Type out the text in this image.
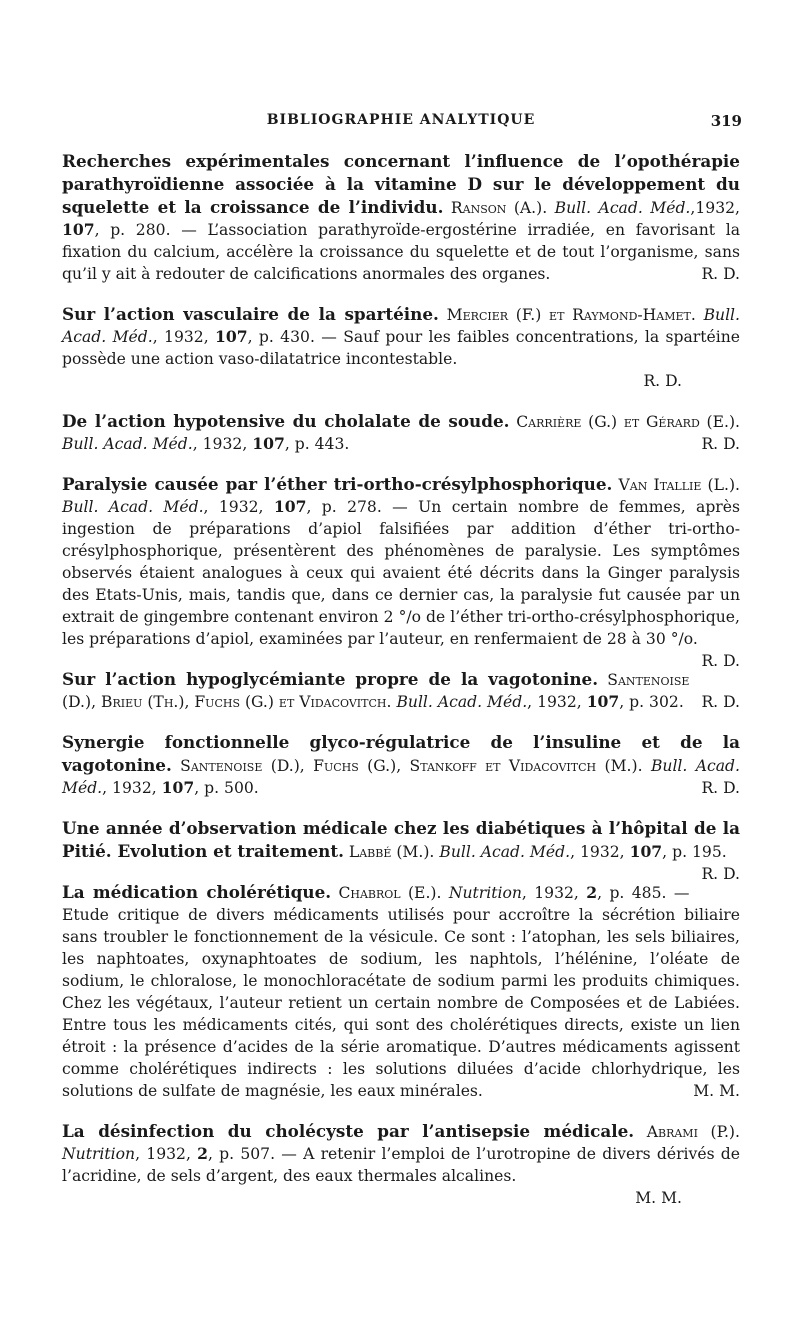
BIBLIOGRAPHIE ANALYTIQUE	319
Recherches expérimentales concernant l’influence de l’opothérapie parathyroïdienne associée à la vitamine D sur le développement du squelette et la croissance de l’individu. Ranson (A.). Bull. Acad. Méd.,1932, 107, p. 280. — L’association parathyroïde-ergostérine irradiée, en favorisant la fixation du calcium, accélère la croissance du squelette et de tout l’organisme, sans qu’il y ait à redouter de calcifications anormales des organes.	R. D.
Sur l’action vasculaire de la spartéine. Mercier (F.) et Raymond-Hamet. Bull. Acad. Méd., 1932, 107, p. 430. — Sauf pour les faibles concentrations, la spartéine possède une action vaso-dilatatrice incontestable.
R. D.
De l’action hypotensive du cholalate de soude. Carrière (G.) et Gérard (E.). Bull. Acad. Méd., 1932, 107, p. 443.	R. D.
Paralysie causée par l’éther tri-ortho-crésylphosphorique. Van Itallie (L.). Bull. Acad. Méd., 1932, 107, p. 278. — Un certain nombre de femmes, après ingestion de préparations d’apiol falsifiées par addition d’éther tri-ortho-crésylphosphorique, présentèrent des phénomènes de paralysie. Les symptômes observés étaient analogues à ceux qui avaient été décrits dans la Ginger paralysis des Etats-Unis, mais, tandis que, dans ce dernier cas, la paralysie fut causée par un extrait de gingembre contenant environ 2 °/o de l’éther tri-ortho-crésylphosphorique, les préparations d’apiol, examinées par l’auteur, en renfermaient de 28 à 30 °/o.
R. D.
Sur l’action hypoglycémiante propre de la vagotonine. Santenoise (D.), Brieu (Th.), Fuchs (G.) et Vidacovitch. Bull. Acad. Méd., 1932, 107, p. 302. R. D.
Synergie fonctionnelle glyco-régulatrice de l’insuline et de la vagotonine. Santenoise (D.), Fuchs (G.), Stankoff et Vidacovitch (M.). Bull. Acad. Méd., 1932, 107, p. 500.	R. D.
Une année d’observation médicale chez les diabétiques à l’hôpital de la Pitié. Evolution et traitement. Labbé (M.). Bull. Acad. Méd., 1932, 107, p. 195.
R. D.
La médication cholérétique. Chabrol (E.). Nutrition, 1932, 2, p. 485. — Etude critique de divers médicaments utilisés pour accroître la sécrétion biliaire sans troubler le fonctionnement de la vésicule. Ce sont : l’atophan, les sels biliaires, les naphtoates, oxynaphtoates de sodium, les naphtols, l’hélénine, l’oléate de sodium, le chloralose, le monochloracétate de sodium parmi les produits chimiques. Chez les végétaux, l’auteur retient un certain nombre de Composées et de Labiées. Entre tous les médicaments cités, qui sont des cholérétiques directs, existe un lien étroit : la présence d’acides de la série aromatique. D’autres médicaments agissent comme cholérétiques indirects : les solutions diluées d’acide chlorhydrique, les solutions de sulfate de magnésie, les eaux minérales.	M. M.
La désinfection du cholécyste par l’antisepsie médicale. Abrami (P.). Nutrition, 1932, 2, p. 507. — A retenir l’emploi de l’urotropine de divers dérivés de l’acridine, de sels d’argent, des eaux thermales alcalines.
M. M.
